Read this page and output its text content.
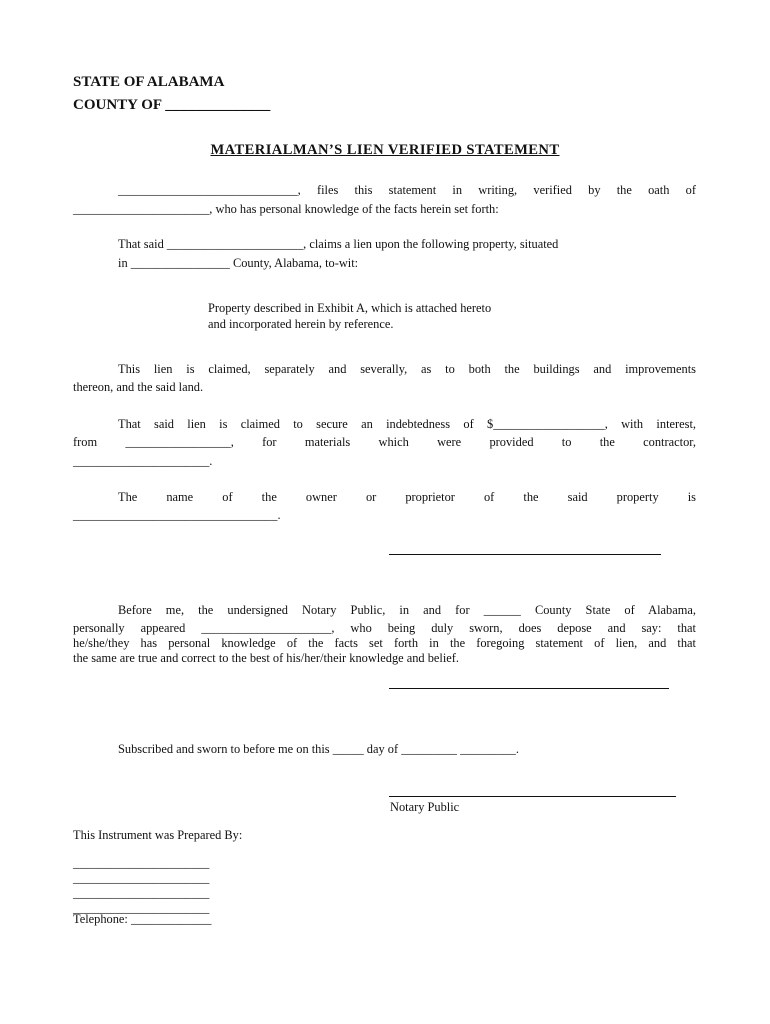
STATE OF ALABAMA
COUNTY OF ______________
MATERIALMAN’S LIEN VERIFIED STATEMENT
_____________________________, files this statement in writing, verified by the oath of
______________________, who has personal knowledge of the facts herein set forth:
That said ______________________, claims a lien upon the following property, situated
in ________________ County, Alabama, to-wit:
Property described in Exhibit A, which is attached hereto
and incorporated herein by reference.
This lien is claimed, separately and severally, as to both the buildings and improvements
thereon, and the said land.
That said lien is claimed to secure an indebtedness of $__________________, with interest,
from _________________, for materials which were provided to the contractor,
______________________.
The name of the owner or proprietor of the said property is
_________________________________.
Before me, the undersigned Notary Public, in and for ______ County State of Alabama,
personally appeared _____________________, who being duly sworn, does depose and say: that
he/she/they has personal knowledge of the facts set forth in the foregoing statement of lien, and that
the same are true and correct to the best of his/her/their knowledge and belief.
Subscribed and sworn to before me on this _____ day of _________ _________.
Notary Public
This Instrument was Prepared By:
______________________
______________________
______________________
______________________
Telephone: _____________
